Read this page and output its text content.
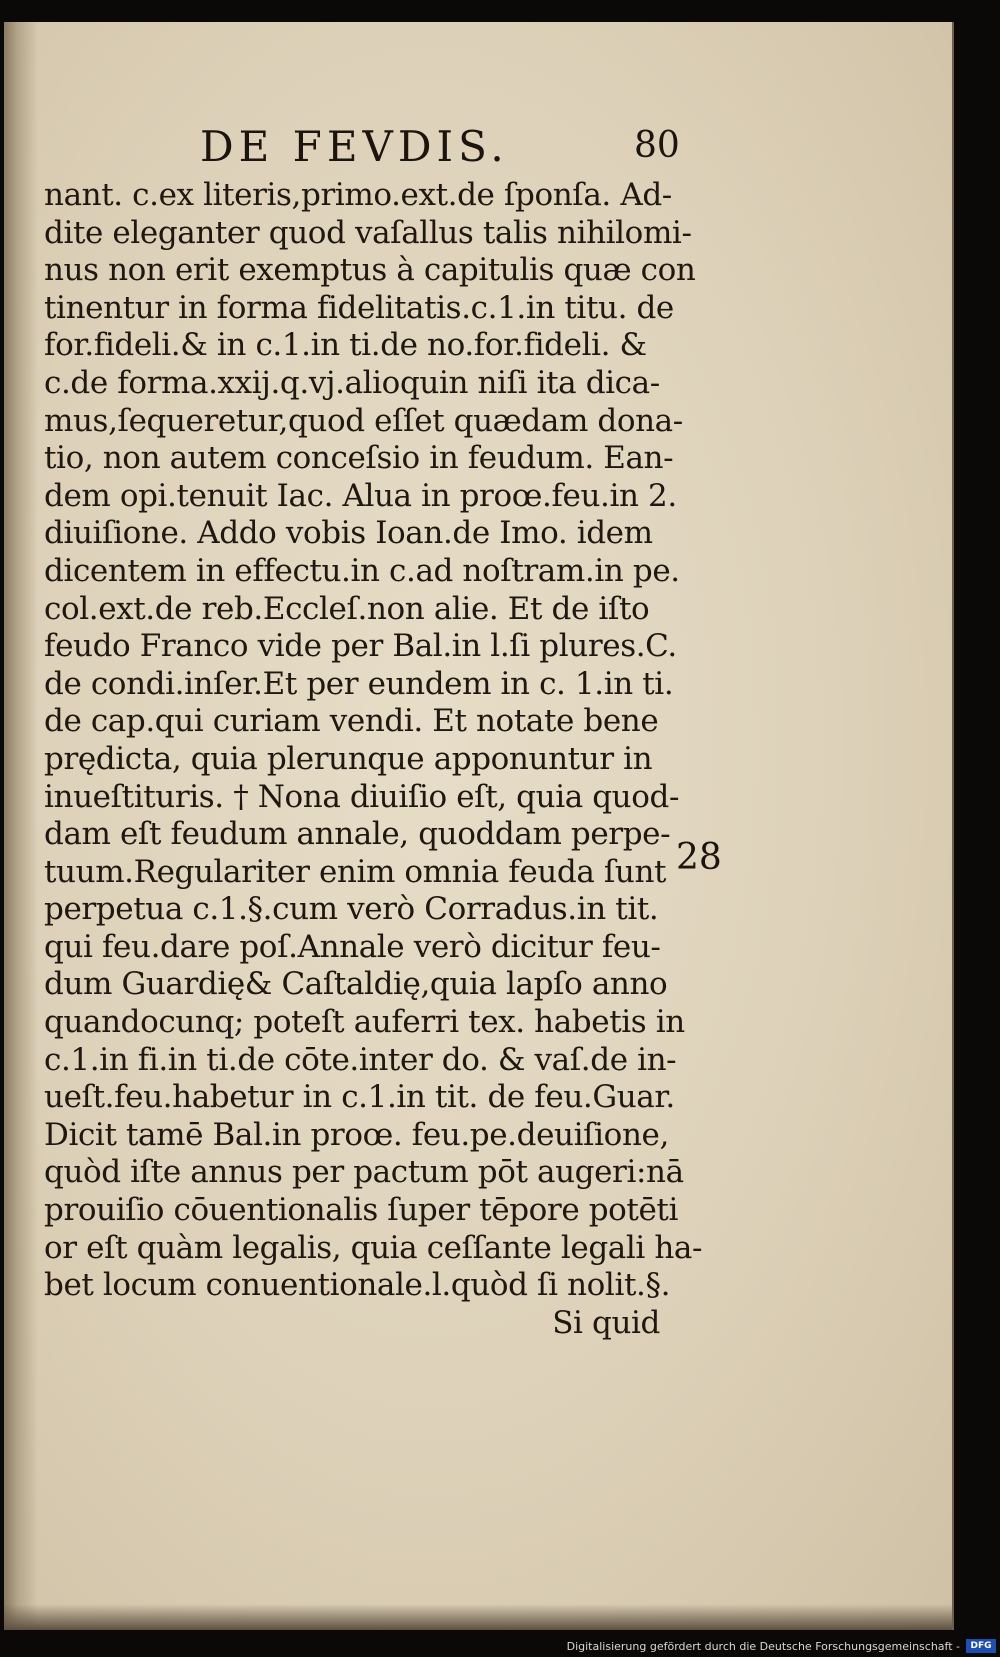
DE FEVDIS.	80
nant. c.ex literis,primo.ext.de ſponſa. Ad-
dite eleganter quod vaſallus talis nihilomi-
nus non erit exemptus à capitulis quæ con
tinentur in forma fidelitatis.c.1.in titu. de
for.fideli.& in c.1.in ti.de no.for.fideli. &
c.de forma.xxij.q.vj.alioquin niſi ita dica-
mus,ſequeretur,quod eſſet quædam dona-
tio, non autem conceſsio in feudum. Ean-
dem opi.tenuit Iac. Alua in proœ.feu.in 2.
diuiſione. Addo vobis Ioan.de Imo. idem
dicentem in effectu.in c.ad noſtram.in pe.
col.ext.de reb.Eccleſ.non alie. Et de iſto
feudo Franco vide per Bal.in l.ſi plures.C.
de condi.inſer.Et per eundem in c. 1.in ti.
de cap.qui curiam vendi. Et notate bene
prędicta, quia plerunque apponuntur in
inueſtituris. † Nona diuiſio eſt, quia quod-
dam eſt feudum annale, quoddam perpe-
tuum.Regulariter enim omnia feuda ſunt
perpetua c.1.§.cum verò Corradus.in tit.
qui feu.dare poſ.Annale verò dicitur feu-
dum Guardię& Caſtaldię,quia lapſo anno
quandocunq; poteſt auferri tex. habetis in
c.1.in fi.in ti.de cōte.inter do. & vaſ.de in-
ueſt.feu.habetur in c.1.in tit. de feu.Guar.
Dicit tamē Bal.in proœ. feu.pe.deuiſione,
quòd iſte annus per pactum pōt augeri:nā
prouiſio cōuentionalis ſuper tēpore potēti
or eſt quàm legalis, quia ceſſante legali ha-
bet locum conuentionale.l.quòd ſi nolit.§.
Si quid
28
Digitalisierung gefördert durch die Deutsche Forschungsgemeinschaft -	DFG
